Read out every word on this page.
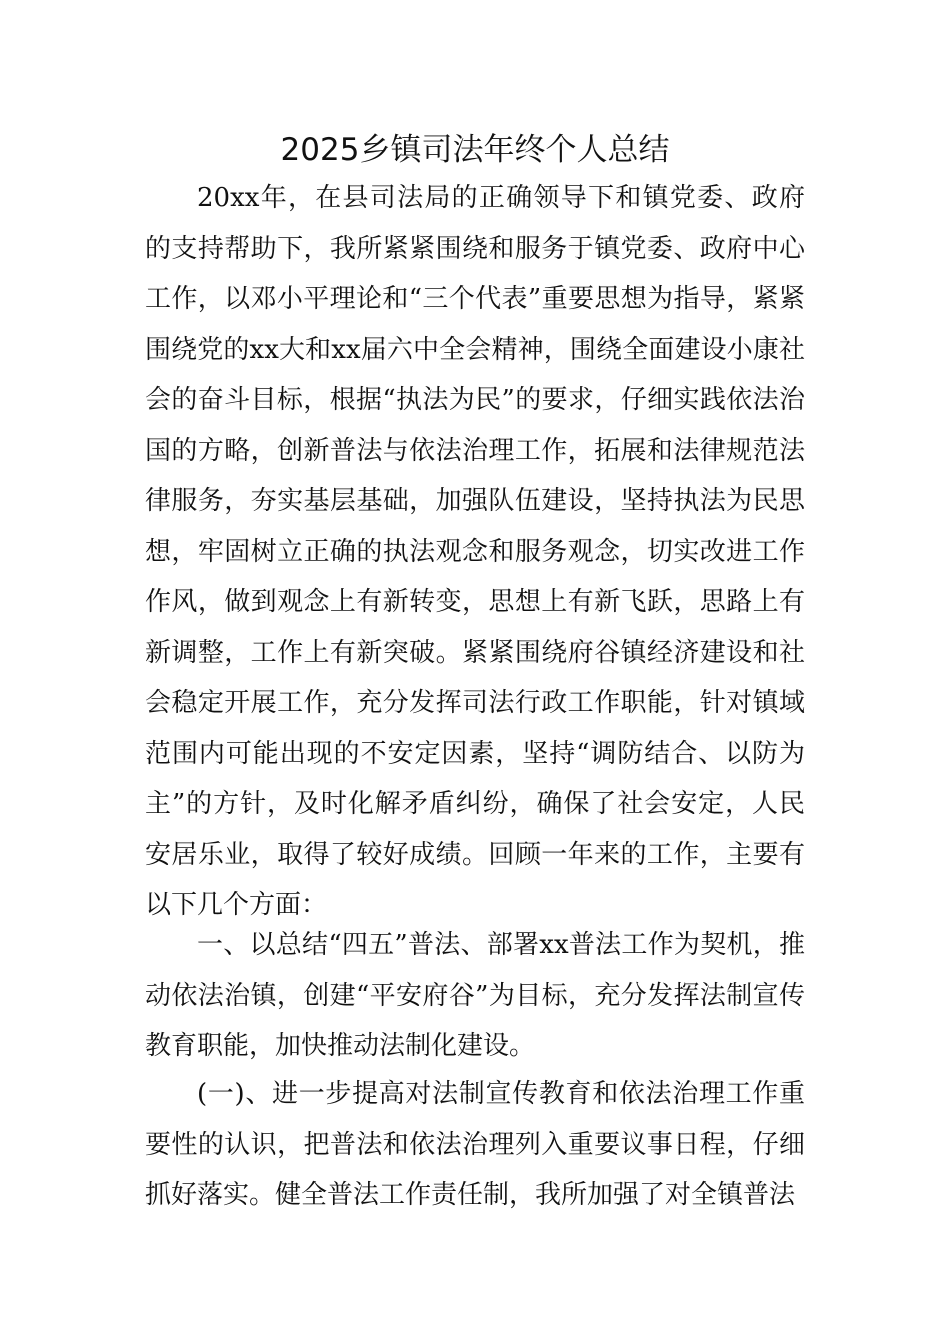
2025乡镇司法年终个人总结

20xx年，在县司法局的正确领导下和镇党委、政府的支持帮助下，我所紧紧围绕和服务于镇党委、政府中心工作，以邓小平理论和“三个代表”重要思想为指导，紧紧围绕党的xx大和xx届六中全会精神，围绕全面建设小康社会的奋斗目标，根据“执法为民”的要求，仔细实践依法治国的方略，创新普法与依法治理工作，拓展和法律规范法律服务，夯实基层基础，加强队伍建设，坚持执法为民思想，牢固树立正确的执法观念和服务观念，切实改进工作作风，做到观念上有新转变，思想上有新飞跃，思路上有新调整，工作上有新突破。紧紧围绕府谷镇经济建设和社会稳定开展工作，充分发挥司法行政工作职能，针对镇域范围内可能出现的不安定因素，坚持“调防结合、以防为主”的方针，及时化解矛盾纠纷，确保了社会安定，人民安居乐业，取得了较好成绩。回顾一年来的工作，主要有以下几个方面：

一、以总结“四五”普法、部署xx普法工作为契机，推动依法治镇，创建“平安府谷”为目标，充分发挥法制宣传教育职能，加快推动法制化建设。

(一)、进一步提高对法制宣传教育和依法治理工作重要性的认识，把普法和依法治理列入重要议事日程，仔细抓好落实。健全普法工作责任制，我所加强了对全镇普法
